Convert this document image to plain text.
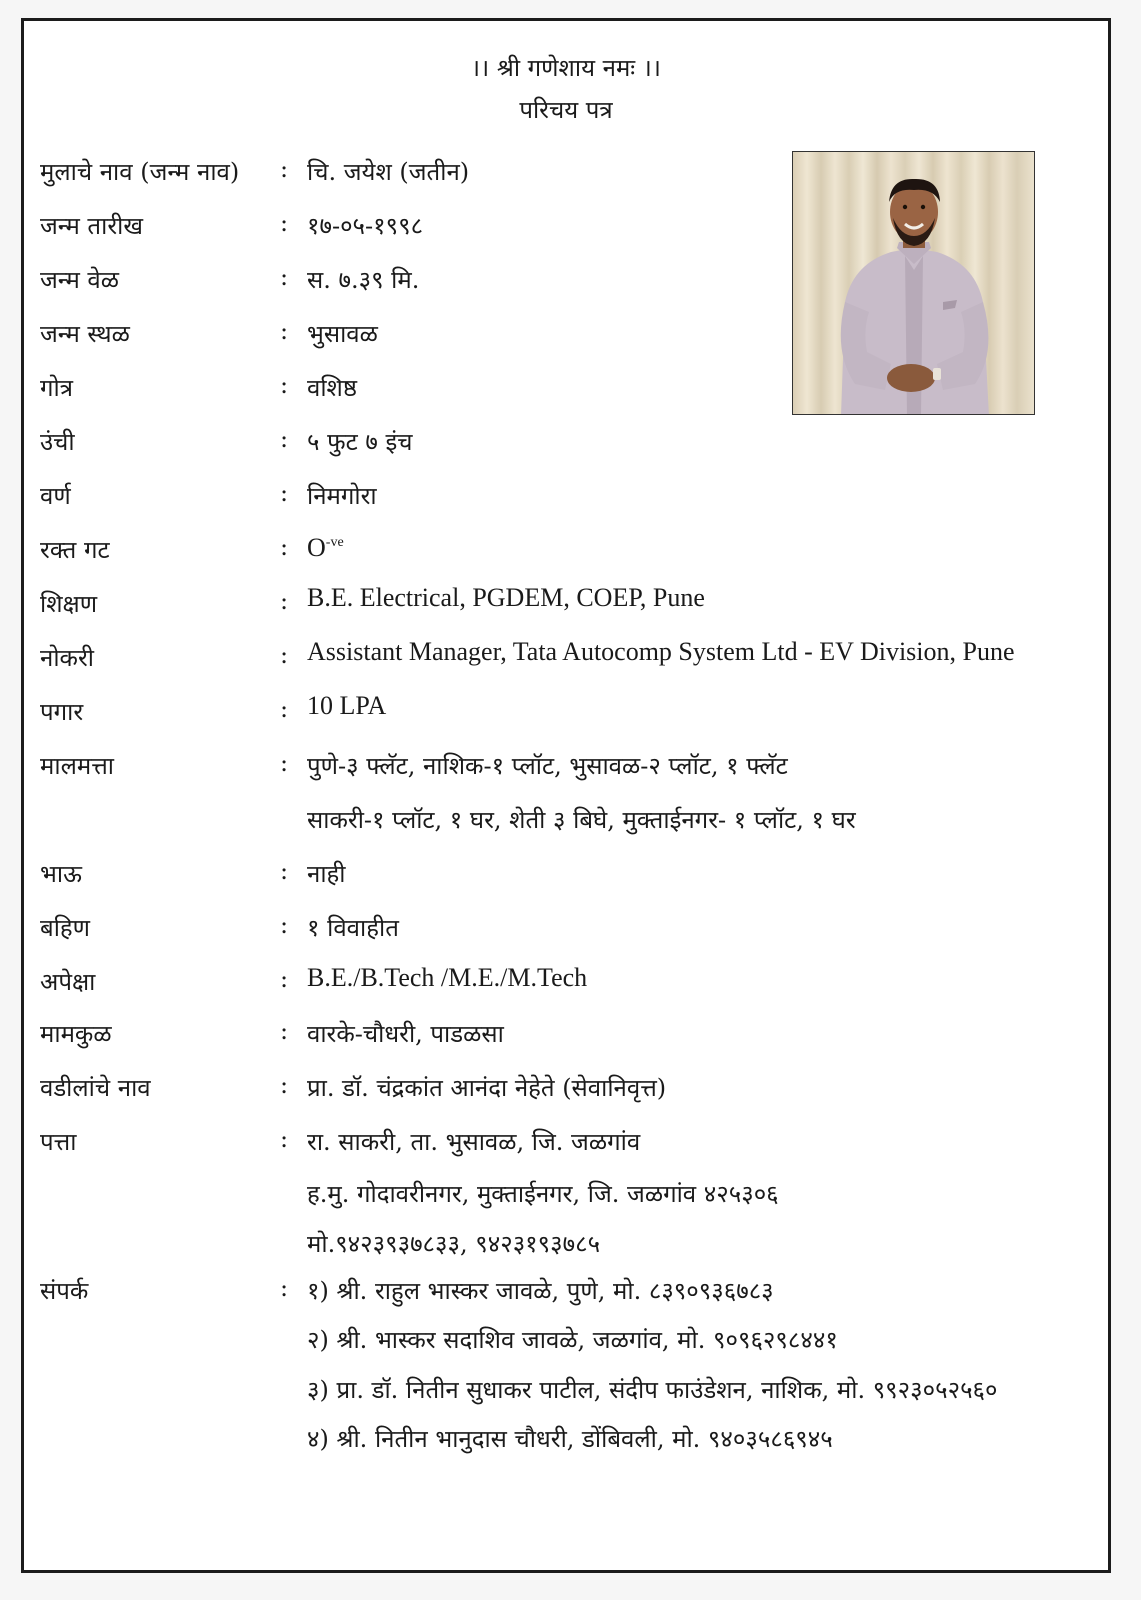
।। श्री गणेशाय नमः ।।
परिचय पत्र
मुलाचे नाव (जन्म नाव) : चि. जयेश (जतीन)
जन्म तारीख	: १७-०५-१९९८
जन्म वेळ	: स. ७.३९ मि.
जन्म स्थळ	: भुसावळ
गोत्र	: वशिष्ठ
उंची	: ५ फुट ७ इंच
वर्ण	: निमगोरा
रक्त गट	: $O^{-ve}$
शिक्षण	: B.E. Electrical, PGDEM, COEP, Pune
नोकरी	: Assistant Manager, Tata Autocomp System Ltd - EV Division, Pune
पगार	: 10 LPA
मालमत्ता	: पुणे-३ फ्लॅट, नाशिक-१ प्लॉट, भुसावळ-२ प्लॉट, १ फ्लॅट
साकरी-१ प्लॉट, १ घर, शेती ३ बिघे, मुक्ताईनगर- १ प्लॉट, १ घर
भाऊ	: नाही
बहिण	: १ विवाहीत
अपेक्षा	: B.E./B.Tech /M.E./M.Tech
मामकुळ	: वारके-चौधरी, पाडळसा
वडीलांचे नाव	: प्रा. डॉ. चंद्रकांत आनंदा नेहेते (सेवानिवृत्त)
पत्ता	: रा. साकरी, ता. भुसावळ, जि. जळगांव
ह.मु. गोदावरीनगर, मुक्ताईनगर, जि. जळगांव ४२५३०६
मो.९४२३९३७८३३, ९४२३१९३७८५
संपर्क	: १) श्री. राहुल भास्कर जावळे, पुणे, मो. ८३९०९३६७८३
२) श्री. भास्कर सदाशिव जावळे, जळगांव, मो. ९०९६२९८४४१
३) प्रा. डॉ. नितीन सुधाकर पाटील, संदीप फाउंडेशन, नाशिक, मो. ९९२३०५२५६०
४) श्री. नितीन भानुदास चौधरी, डोंबिवली, मो. ९४०३५८६९४५
